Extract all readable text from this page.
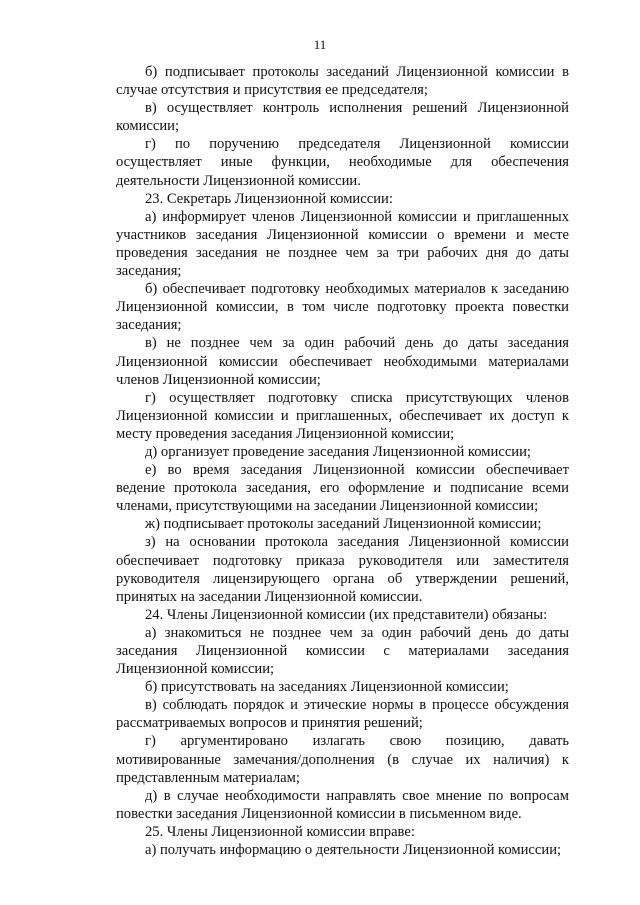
11

б) подписывает протоколы заседаний Лицензионной комиссии в случае отсутствия и присутствия ее председателя;

в) осуществляет контроль исполнения решений Лицензионной комиссии;

г) по поручению председателя Лицензионной комиссии осуществляет иные функции, необходимые для обеспечения деятельности Лицензионной комиссии.

23. Секретарь Лицензионной комиссии:

а) информирует членов Лицензионной комиссии и приглашенных участников заседания Лицензионной комиссии о времени и месте проведения заседания не позднее чем за три рабочих дня до даты заседания;

б) обеспечивает подготовку необходимых материалов к заседанию Лицензионной комиссии, в том числе подготовку проекта повестки заседания;

в) не позднее чем за один рабочий день до даты заседания Лицензионной комиссии обеспечивает необходимыми материалами членов Лицензионной комиссии;

г) осуществляет подготовку списка присутствующих членов Лицензионной комиссии и приглашенных, обеспечивает их доступ к месту проведения заседания Лицензионной комиссии;

д) организует проведение заседания Лицензионной комиссии;

е) во время заседания Лицензионной комиссии обеспечивает ведение протокола заседания, его оформление и подписание всеми членами, присутствующими на заседании Лицензионной комиссии;

ж) подписывает протоколы заседаний Лицензионной комиссии;

з) на основании протокола заседания Лицензионной комиссии обеспечивает подготовку приказа руководителя или заместителя руководителя лицензирующего органа об утверждении решений, принятых на заседании Лицензионной комиссии.

24. Члены Лицензионной комиссии (их представители) обязаны:

а) знакомиться не позднее чем за один рабочий день до даты заседания Лицензионной комиссии с материалами заседания Лицензионной комиссии;

б) присутствовать на заседаниях Лицензионной комиссии;

в) соблюдать порядок и этические нормы в процессе обсуждения рассматриваемых вопросов и принятия решений;

г) аргументировано излагать свою позицию, давать мотивированные замечания/дополнения (в случае их наличия) к представленным материалам;

д) в случае необходимости направлять свое мнение по вопросам повестки заседания Лицензионной комиссии в письменном виде.

25. Члены Лицензионной комиссии вправе:

а) получать информацию о деятельности Лицензионной комиссии;
